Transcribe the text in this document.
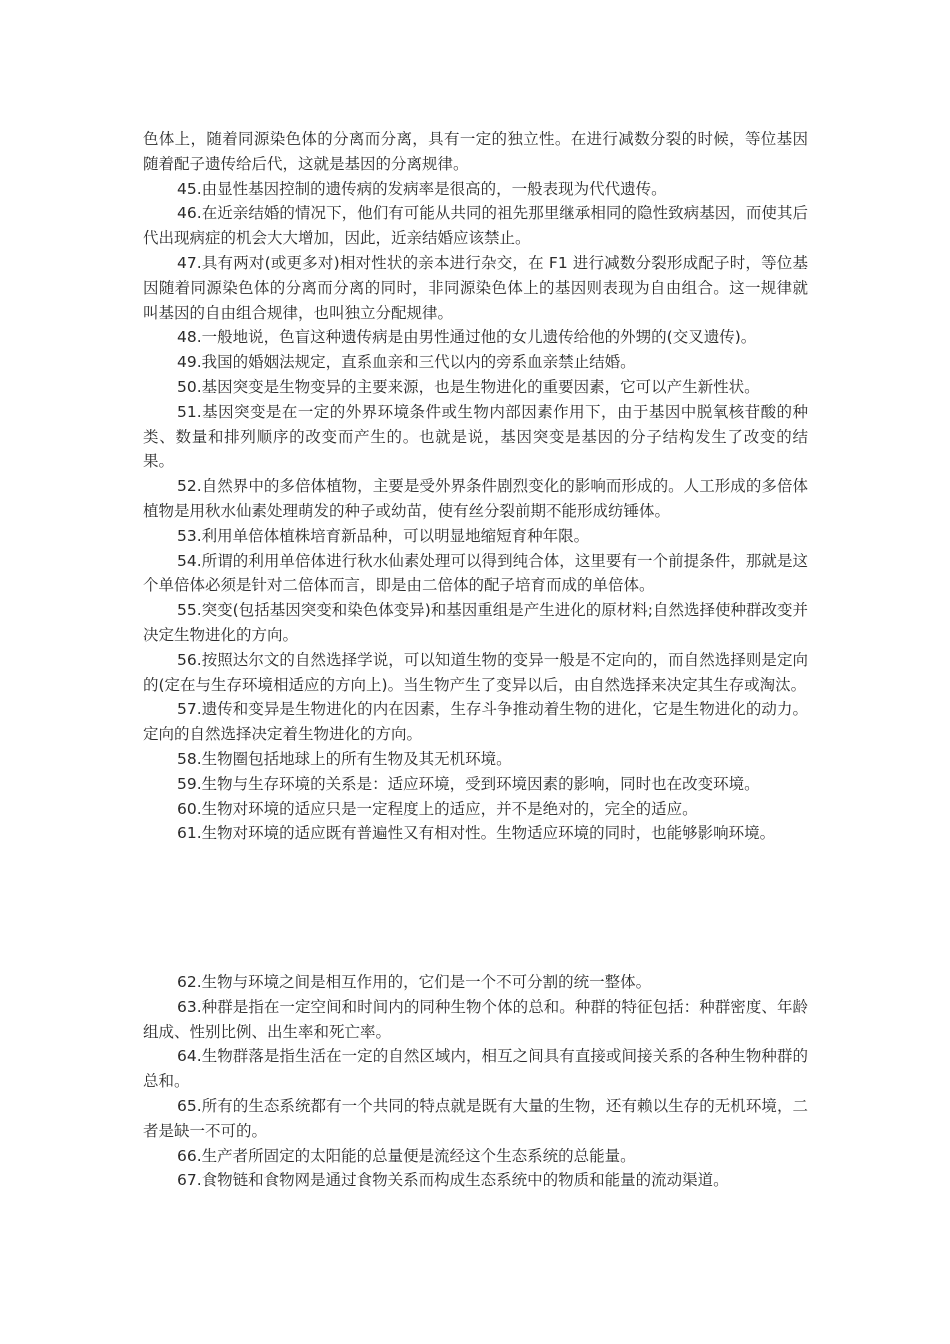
色体上，随着同源染色体的分离而分离，具有一定的独立性。在进行减数分裂的时候，等位基因随着配子遗传给后代，这就是基因的分离规律。

45.由显性基因控制的遗传病的发病率是很高的，一般表现为代代遗传。

46.在近亲结婚的情况下，他们有可能从共同的祖先那里继承相同的隐性致病基因，而使其后代出现病症的机会大大增加，因此，近亲结婚应该禁止。

47.具有两对(或更多对)相对性状的亲本进行杂交，在 F1 进行减数分裂形成配子时，等位基因随着同源染色体的分离而分离的同时，非同源染色体上的基因则表现为自由组合。这一规律就叫基因的自由组合规律，也叫独立分配规律。

48.一般地说，色盲这种遗传病是由男性通过他的女儿遗传给他的外甥的(交叉遗传)。

49.我国的婚姻法规定，直系血亲和三代以内的旁系血亲禁止结婚。

50.基因突变是生物变异的主要来源，也是生物进化的重要因素，它可以产生新性状。

51.基因突变是在一定的外界环境条件或生物内部因素作用下，由于基因中脱氧核苷酸的种类、数量和排列顺序的改变而产生的。也就是说，基因突变是基因的分子结构发生了改变的结果。

52.自然界中的多倍体植物，主要是受外界条件剧烈变化的影响而形成的。人工形成的多倍体植物是用秋水仙素处理萌发的种子或幼苗，使有丝分裂前期不能形成纺锤体。

53.利用单倍体植株培育新品种，可以明显地缩短育种年限。

54.所谓的利用单倍体进行秋水仙素处理可以得到纯合体，这里要有一个前提条件，那就是这个单倍体必须是针对二倍体而言，即是由二倍体的配子培育而成的单倍体。

55.突变(包括基因突变和染色体变异)和基因重组是产生进化的原材料;自然选择使种群改变并决定生物进化的方向。

56.按照达尔文的自然选择学说，可以知道生物的变异一般是不定向的，而自然选择则是定向的(定在与生存环境相适应的方向上)。当生物产生了变异以后，由自然选择来决定其生存或淘汰。

57.遗传和变异是生物进化的内在因素，生存斗争推动着生物的进化，它是生物进化的动力。定向的自然选择决定着生物进化的方向。

58.生物圈包括地球上的所有生物及其无机环境。

59.生物与生存环境的关系是：适应环境，受到环境因素的影响，同时也在改变环境。

60.生物对环境的适应只是一定程度上的适应，并不是绝对的，完全的适应。

61.生物对环境的适应既有普遍性又有相对性。生物适应环境的同时，也能够影响环境。

62.生物与环境之间是相互作用的，它们是一个不可分割的统一整体。

63.种群是指在一定空间和时间内的同种生物个体的总和。种群的特征包括：种群密度、年龄组成、性别比例、出生率和死亡率。

64.生物群落是指生活在一定的自然区域内，相互之间具有直接或间接关系的各种生物种群的总和。

65.所有的生态系统都有一个共同的特点就是既有大量的生物，还有赖以生存的无机环境，二者是缺一不可的。

66.生产者所固定的太阳能的总量便是流经这个生态系统的总能量。

67.食物链和食物网是通过食物关系而构成生态系统中的物质和能量的流动渠道。
